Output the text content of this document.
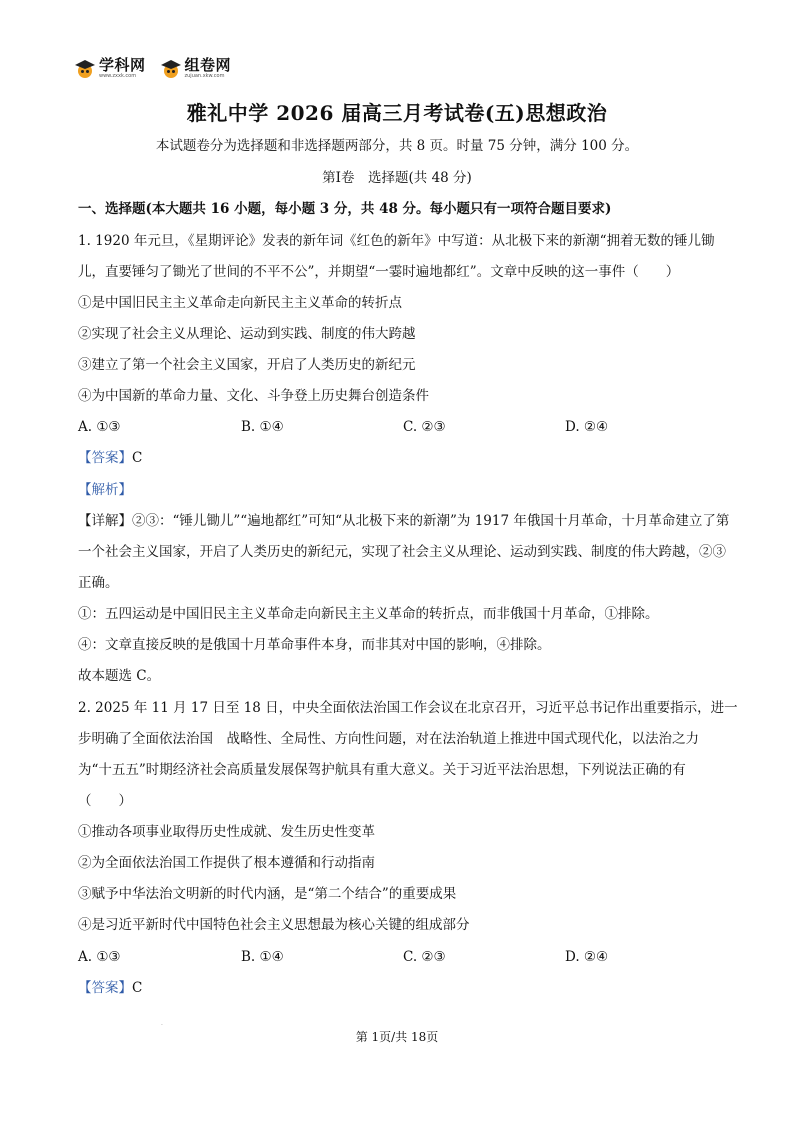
学科网
www.zxxk.com
组卷网
zujuan.xkw.com
雅礼中学 2026 届高三月考试卷(五)思想政治
本试题卷分为选择题和非选择题两部分，共 8 页。时量 75 分钟，满分 100 分。
第Ⅰ卷　选择题(共 48 分)
一、选择题(本大题共 16 小题，每小题 3 分，共 48 分。每小题只有一项符合题目要求)
1. 1920 年元旦，《星期评论》发表的新年词《红色的新年》中写道：从北极下来的新潮“拥着无数的锤儿锄
儿，直要锤匀了锄光了世间的不平不公”，并期望“一霎时遍地都红”。文章中反映的这一事件（　　）
①是中国旧民主主义革命走向新民主主义革命的转折点
②实现了社会主义从理论、运动到实践、制度的伟大跨越
③建立了第一个社会主义国家，开启了人类历史的新纪元
④为中国新的革命力量、文化、斗争登上历史舞台创造条件
A. ①③	B. ①④	C. ②③	D. ②④
【答案】C
【解析】
【详解】②③：“锤儿锄儿”“遍地都红”可知“从北极下来的新潮”为 1917 年俄国十月革命，十月革命建立了第
一个社会主义国家，开启了人类历史的新纪元，实现了社会主义从理论、运动到实践、制度的伟大跨越，②③
正确。
①：五四运动是中国旧民主主义革命走向新民主主义革命的转折点，而非俄国十月革命，①排除。
④：文章直接反映的是俄国十月革命事件本身，而非其对中国的影响，④排除。
故本题选 C。
2. 2025 年 11 月 17 日至 18 日，中央全面依法治国工作会议在北京召开，习近平总书记作出重要指示，进一
步明确了全面依法治国　战略性、全局性、方向性问题，对在法治轨道上推进中国式现代化，以法治之力
为“十五五”时期经济社会高质量发展保驾护航具有重大意义。关于习近平法治思想，下列说法正确的有
（　　）
①推动各项事业取得历史性成就、发生历史性变革
②为全面依法治国工作提供了根本遵循和行动指南
③赋予中华法治文明新的时代内涵，是“第二个结合”的重要成果
④是习近平新时代中国特色社会主义思想最为核心关键的组成部分
A. ①③	B. ①④	C. ②③	D. ②④
【答案】C
·
第 1页/共 18页
